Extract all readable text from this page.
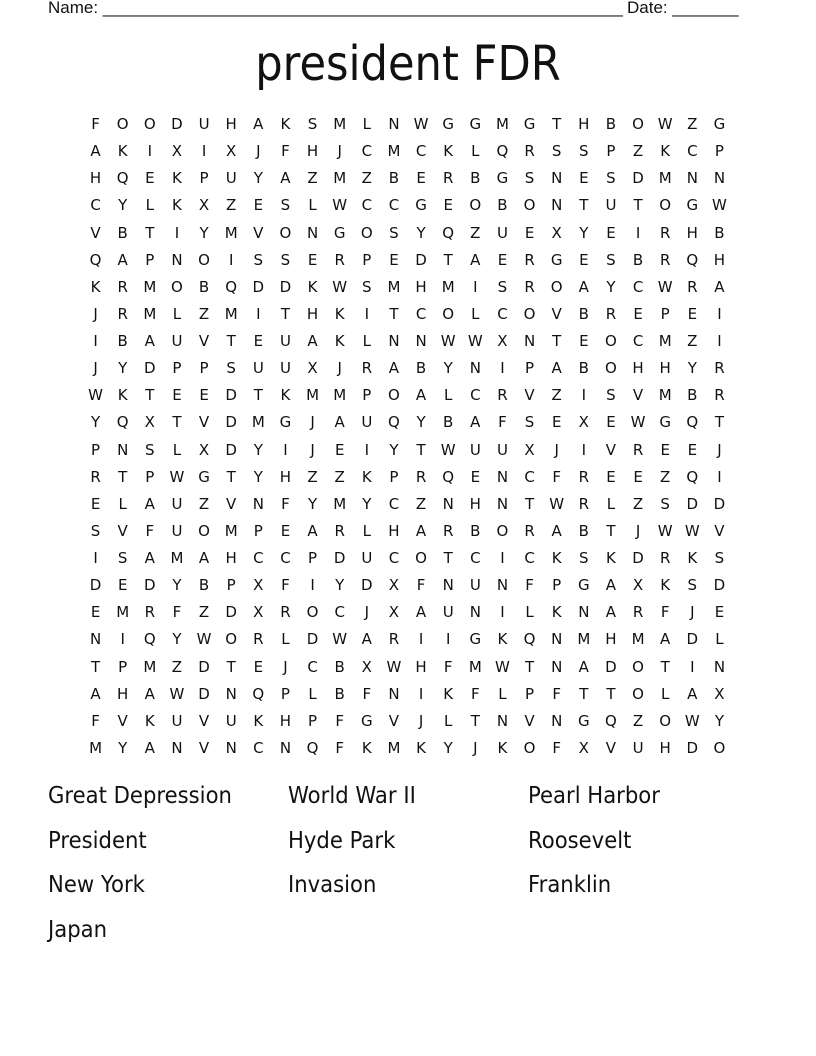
Name: _______________________________________________________ Date: _______
president FDR
F	O	O	D	U	H	A	K	S	M	L	N W G	G M G	T	H	B	O W Z	G
A	K	I	X	I	X	J	F	H	J	C	M	C	K	L	Q	R	S	S	P	Z	K	C	P
H	Q	E	K	P	U	Y	A	Z	M	Z	B	E	R	B	G	S	N	E	S	D M	N	N
C	Y	L	K	X	Z	E	S	L	W C	C	G	E	O	B	O	N	T	U	T	O	G W
V	B	T	I	Y	M	V	O	N	G	O	S	Y	Q	Z	U	E	X	Y	E	I	R	H	B
Q	A	P	N	O	I	S	S	E	R	P	E	D	T	A	E	R	G	E	S	B	R	Q	H
K	R	M O	B	Q	D	D	K W S	M	H	M	I	S	R	O	A	Y	C W R	A
J	R	M	L	Z	M	I	T	H	K	I	T	C	O	L	C	O	V	B	R	E	P	E	I
I	B	A	U	V	T	E	U	A	K	L	N	N W W X	N	T	E	O	C	M	Z	I
J	Y	D	P	P	S	U	U	X	J	R	A	B	Y	N	I	P	A	B	O	H	H	Y	R
W K	T	E	E	D	T	K	M M	P	O	A	L	C	R	V	Z	I	S	V	M	B	R
Y	Q	X	T	V	D M G	J	A	U	Q	Y	B	A	F	S	E	X	E W G	Q	T
P	N	S	L	X	D	Y	I	J	E	I	Y	T	W U	U	X	J	I	V	R	E	E	J
R	T	P	W G	T	Y	H	Z	Z	K	P	R	Q	E	N	C	F	R	E	E	Z	Q	I
E	L	A	U	Z	V	N	F	Y	M	Y	C	Z	N	H	N	T	W R	L	Z	S	D	D
S	V	F	U	O M	P	E	A	R	L	H	A	R	B	O	R	A	B	T	J	W W V
I	S	A	M	A	H	C	C	P	D	U	C	O	T	C	I	C	K	S	K	D	R	K	S
D	E	D	Y	B	P	X	F	I	Y	D	X	F	N	U	N	F	P	G	A	X	K	S	D
E	M	R	F	Z	D	X	R	O	C	J	X	A	U	N	I	L	K	N	A	R	F	J	E
N	I	Q	Y	W O	R	L	D W A	R	I	I	G	K	Q	N	M	H	M	A	D	L
T	P	M	Z	D	T	E	J	C	B	X W H	F	M W	T	N	A	D	O	T	I	N
A	H	A W D	N	Q	P	L	B	F	N	I	K	F	L	P	F	T	T	O	L	A	X
F	V	K	U	V	U	K	H	P	F	G	V	J	L	T	N	V	N	G	Q	Z	O W	Y
M	Y	A	N	V	N	C	N	Q	F	K	M	K	Y	J	K	O	F	X	V	U	H	D	O
Great Depression	World War II	Pearl Harbor
President	Hyde Park	Roosevelt
New York	Invasion	Franklin
Japan
